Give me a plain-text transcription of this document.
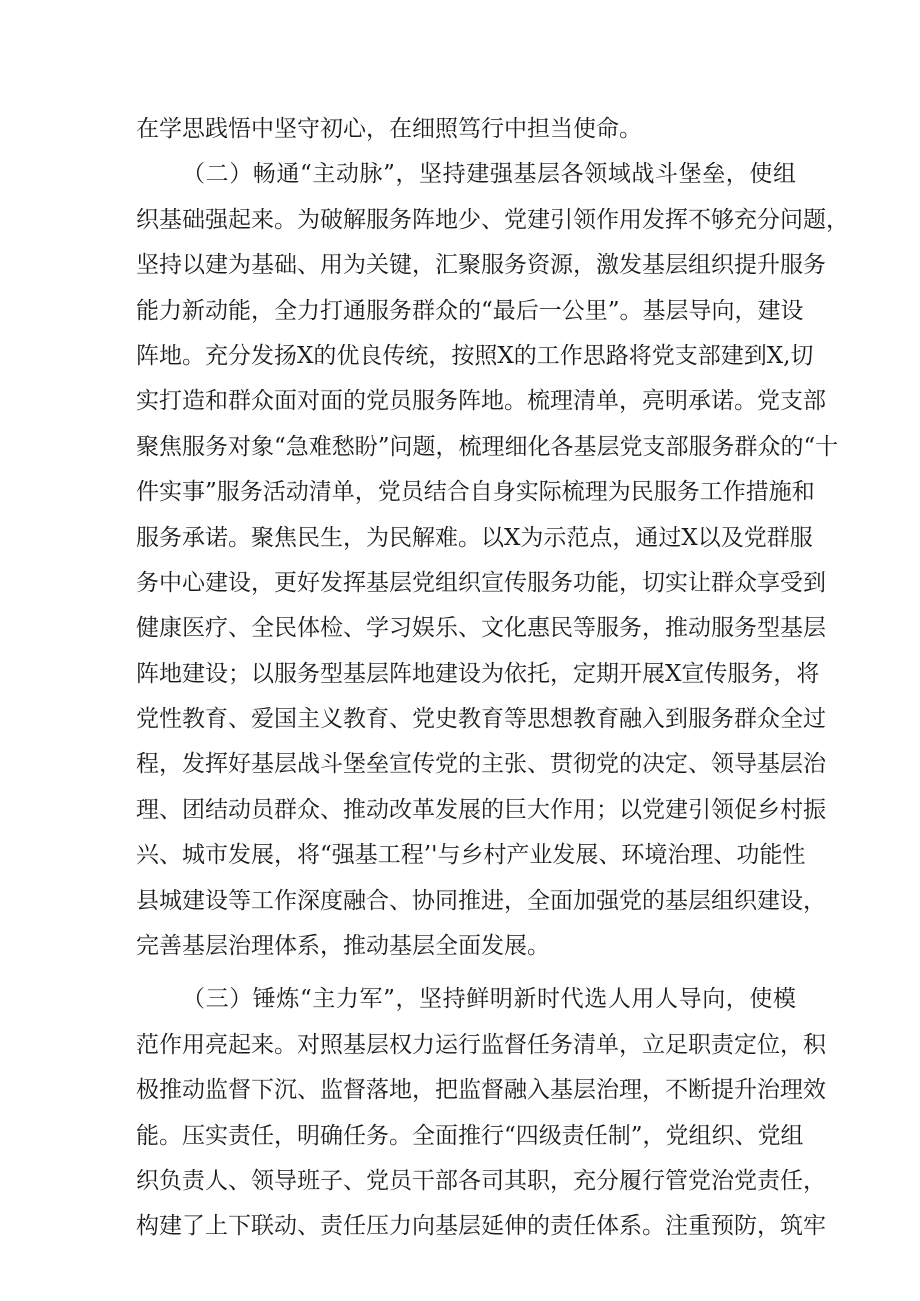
在学思践悟中坚守初心，在细照笃行中担当使命。
（二）畅通“主动脉”，坚持建强基层各领域战斗堡垒，使组
织基础强起来。为破解服务阵地少、党建引领作用发挥不够充分问题，
坚持以建为基础、用为关键，汇聚服务资源，激发基层组织提升服务
能力新动能，全力打通服务群众的“最后一公里”。基层导向，建设
阵地。充分发扬X的优良传统，按照X的工作思路将党支部建到X,切
实打造和群众面对面的党员服务阵地。梳理清单，亮明承诺。党支部
聚焦服务对象“急难愁盼”问题，梳理细化各基层党支部服务群众的“十
件实事”服务活动清单，党员结合自身实际梳理为民服务工作措施和
服务承诺。聚焦民生，为民解难。以X为示范点，通过X以及党群服
务中心建设，更好发挥基层党组织宣传服务功能，切实让群众享受到
健康医疗、全民体检、学习娱乐、文化惠民等服务，推动服务型基层
阵地建设；以服务型基层阵地建设为依托，定期开展X宣传服务，将
党性教育、爱国主义教育、党史教育等思想教育融入到服务群众全过
程，发挥好基层战斗堡垒宣传党的主张、贯彻党的决定、领导基层治
理、团结动员群众、推动改革发展的巨大作用；以党建引领促乡村振
兴、城市发展，将“强基工程’'与乡村产业发展、环境治理、功能性
县城建设等工作深度融合、协同推进，全面加强党的基层组织建设，
完善基层治理体系，推动基层全面发展。
（三）锤炼“主力军”，坚持鲜明新时代选人用人导向，使模
范作用亮起来。对照基层权力运行监督任务清单，立足职责定位，积
极推动监督下沉、监督落地，把监督融入基层治理，不断提升治理效
能。压实责任，明确任务。全面推行“四级责任制”，党组织、党组
织负责人、领导班子、党员干部各司其职，充分履行管党治党责任，
构建了上下联动、责任压力向基层延伸的责任体系。注重预防，筑牢
